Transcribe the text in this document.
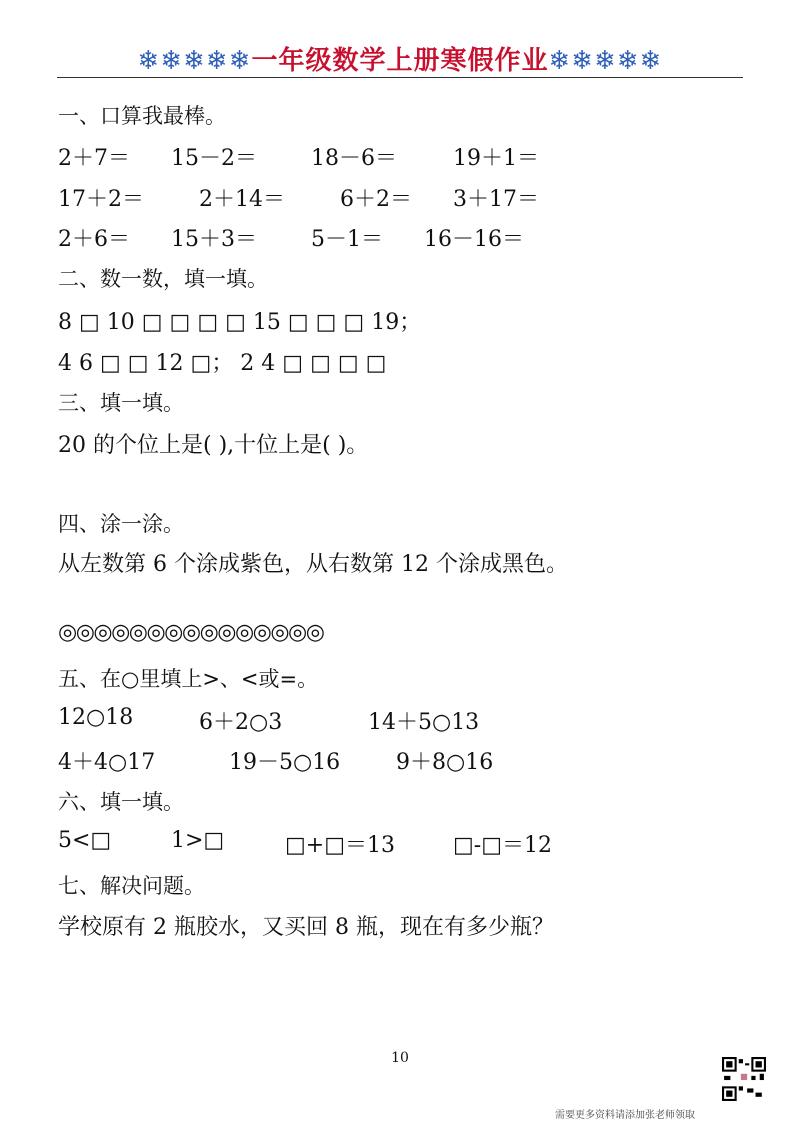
❄❄❄❄❄一年级数学上册寒假作业❄❄❄❄❄
一、口算我最棒。
2＋7＝ 15－2＝ 18－6＝	19＋1＝
17＋2＝	2＋14＝	6＋2＝ 3＋17＝
2＋6＝ 15＋3＝ 5－1＝ 16－16＝
二、数一数，填一填。
8 □ 10 □ □ □ □ 15 □ □ □ 19；
4 6 □ □ 12 □； 2 4 □ □ □ □
三、填一填。
20 的个位上是( ),十位上是( )。
四、涂一涂。
从左数第 6 个涂成紫色，从右数第 12 个涂成黑色。
◎◎◎◎◎◎◎◎◎◎◎◎◎◎◎
五、在○里填上>、<或=。
12○18	6＋2○3	14＋5○13
4＋4○17	19－5○16	9＋8○16
六、填一填。
5<□	1>□	□+□＝13	□-□＝12
七、解决问题。
学校原有 2 瓶胶水，又买回 8 瓶，现在有多少瓶？
10
需要更多资料请添加张老师领取
